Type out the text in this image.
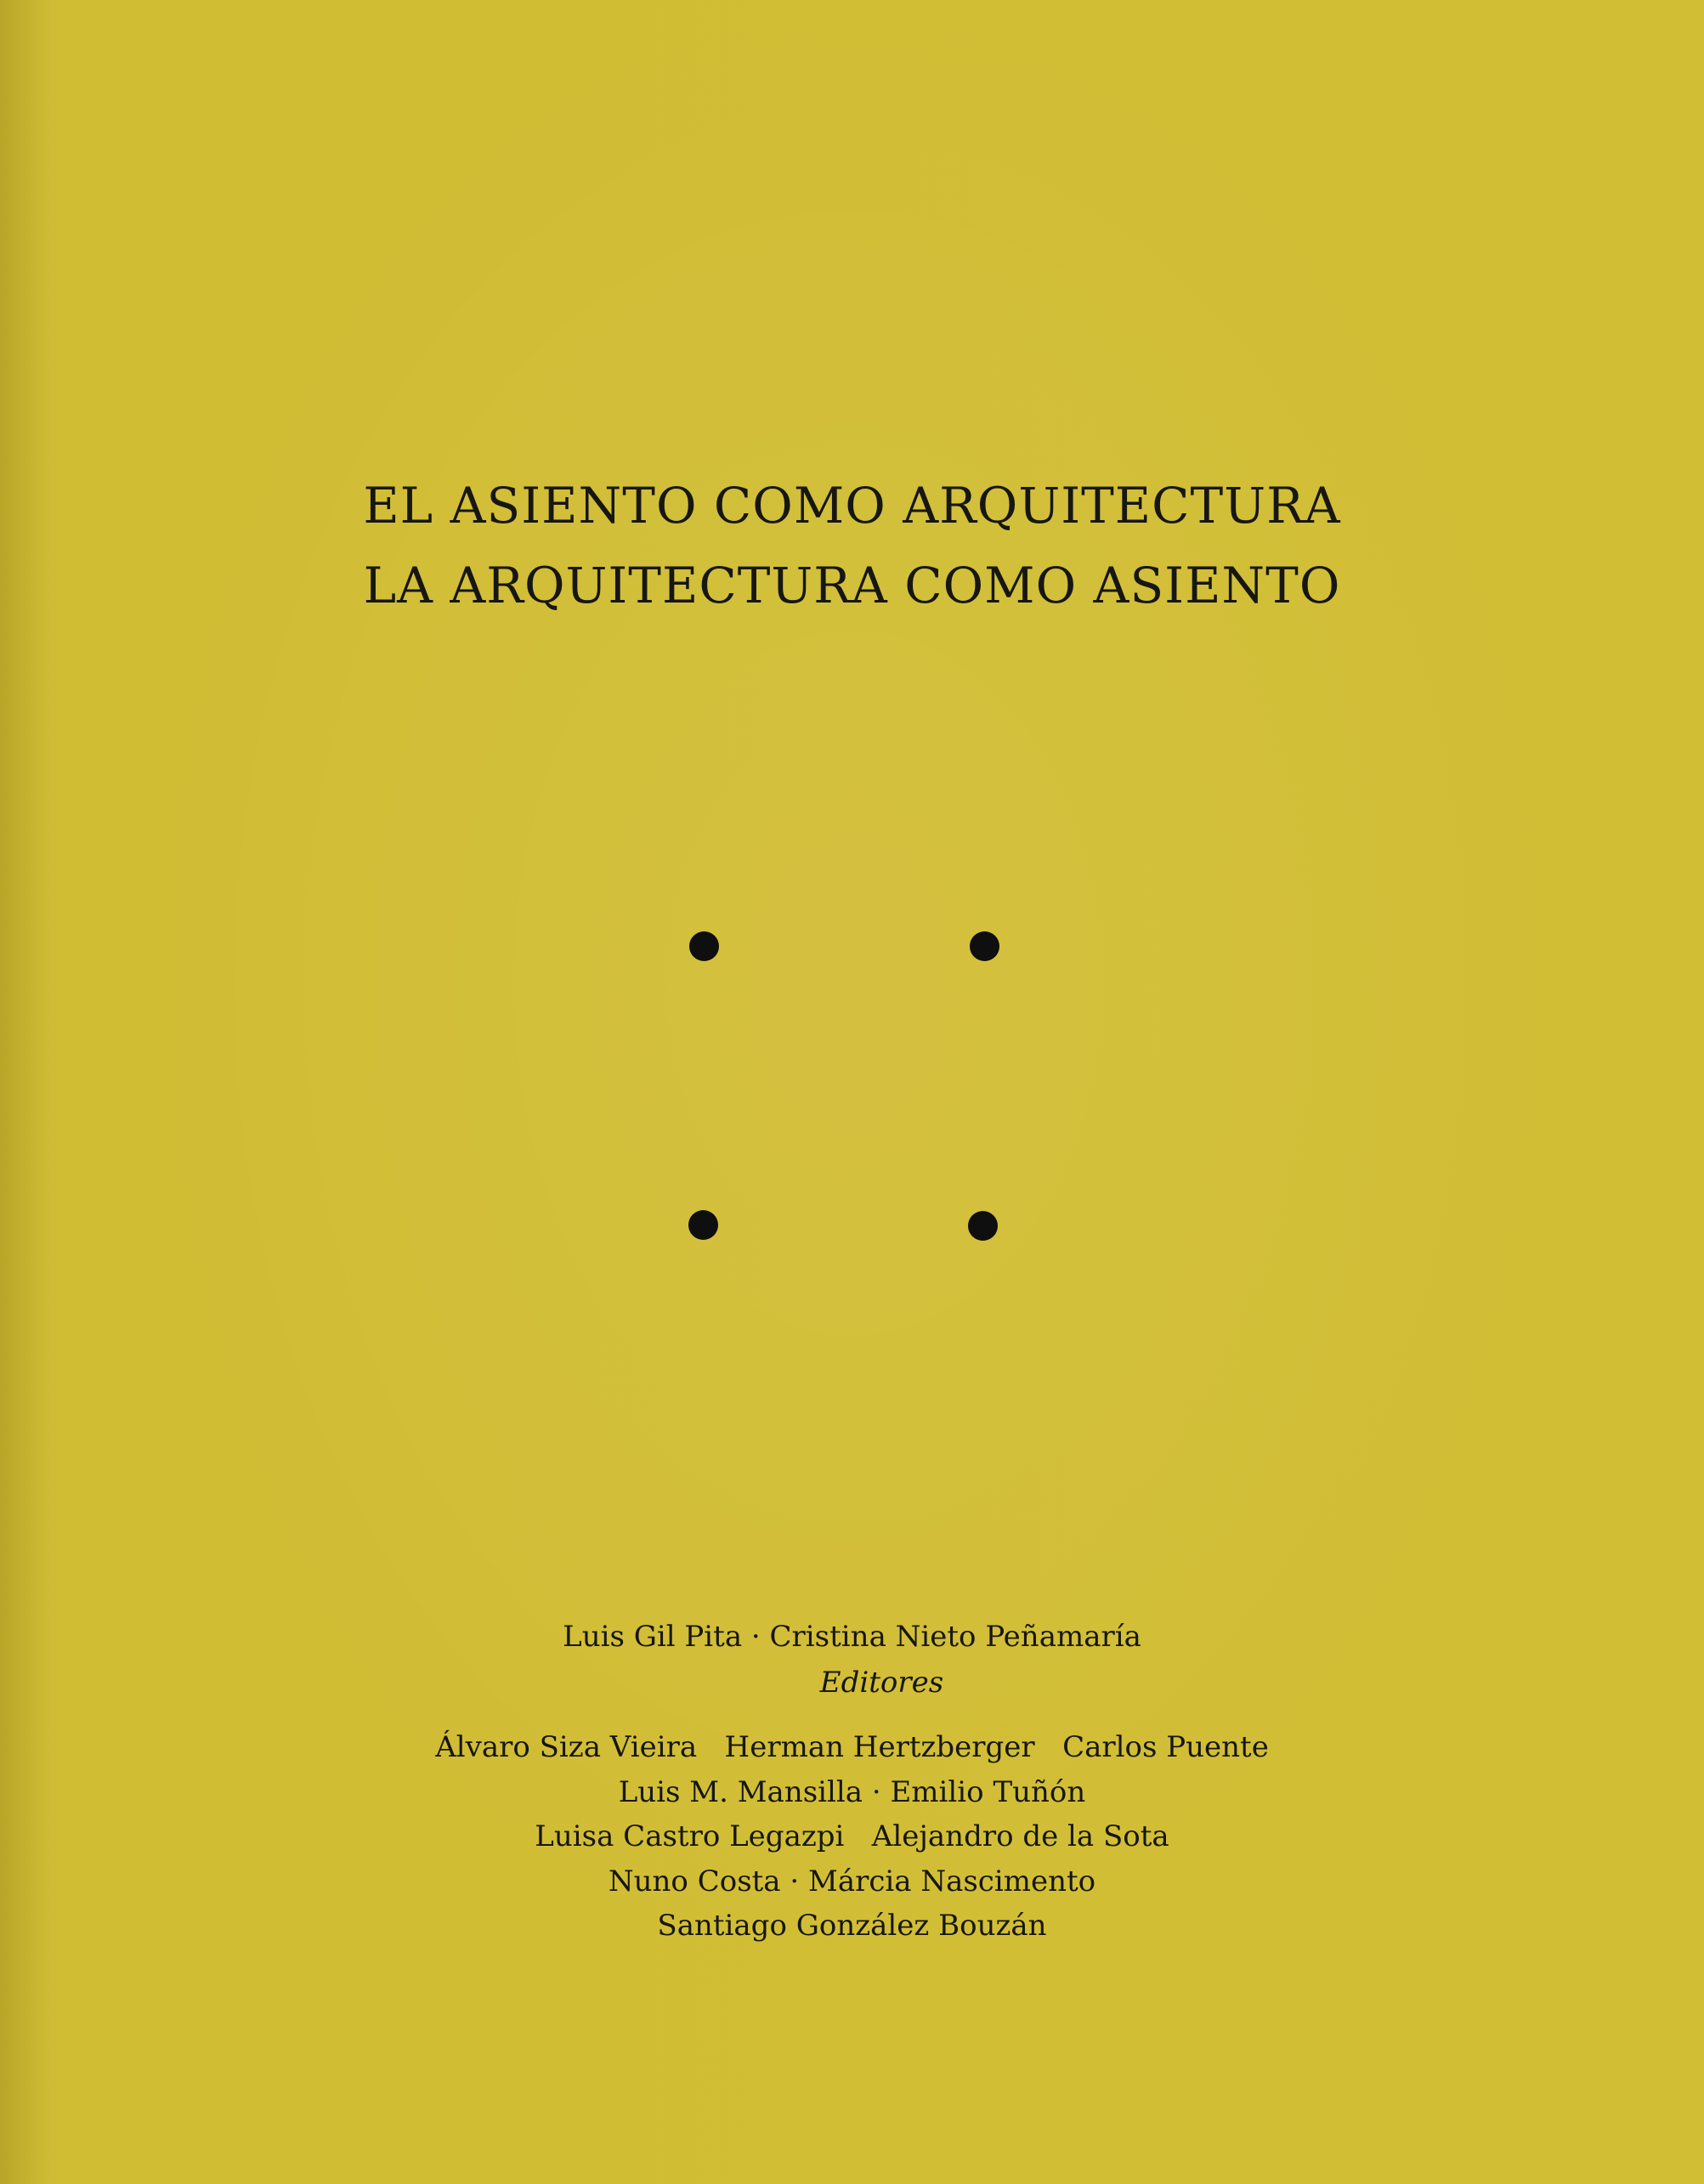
EL ASIENTO COMO ARQUITECTURA
LA ARQUITECTURA COMO ASIENTO
Luis Gil Pita · Cristina Nieto Peñamaría
Editores
Álvaro Siza Vieira   Herman Hertzberger   Carlos Puente
Luis M. Mansilla · Emilio Tuñón
Luisa Castro Legazpi   Alejandro de la Sota
Nuno Costa · Márcia Nascimento
Santiago González Bouzán
